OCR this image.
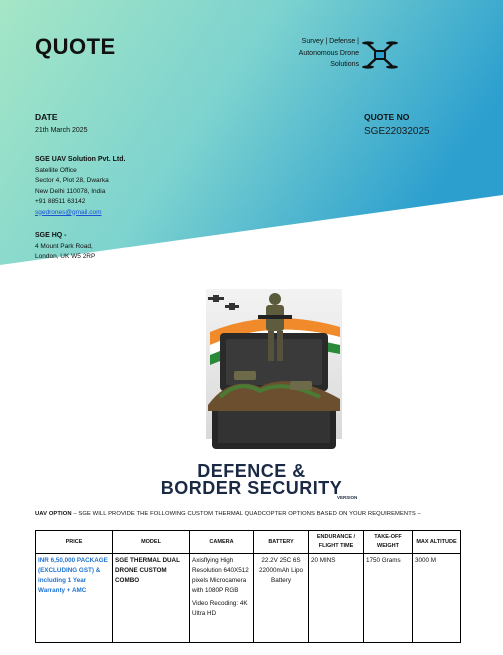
QUOTE	Survey | Defense |
Autonomous Drone
Solutions
DATE
21th March 2025
QUOTE NO
SGE22032025
SGE UAV Solution Pvt. Ltd.
Satellite Office
Sector 4, Plot 28, Dwarka
New Delhi 110078, India
+91 88511 63142
sgedrones@gmail.com
SGE HQ -
4 Mount Park Road,
London, UK W5 2RP
DEFENCE &
BORDER SECURITY
VERSION
UAV OPTION – SGE WILL PROVIDE THE FOLLOWING CUSTOM THERMAL QUADCOPTER OPTIONS BASED ON YOUR REQUIREMENTS –
PRICE	MODEL	CAMERA	BATTERY	ENDURANCE / FLIGHT TIME	TAKE-OFF WEIGHT	MAX ALTITUDE
INR 6,50,000 PACKAGE (EXCLUDING GST) & including 1 Year Warranty + AMC	SGE THERMAL DUAL DRONE CUSTOM COMBO	Axisflying High Resolution 640X512 pixels Microcamera with 1080P RGB
Video Recoding: 4K Ultra HD	22.2V 25C 6S 22000mAh Lipo Battery	20 MINS	1750 Grams	3000 M
